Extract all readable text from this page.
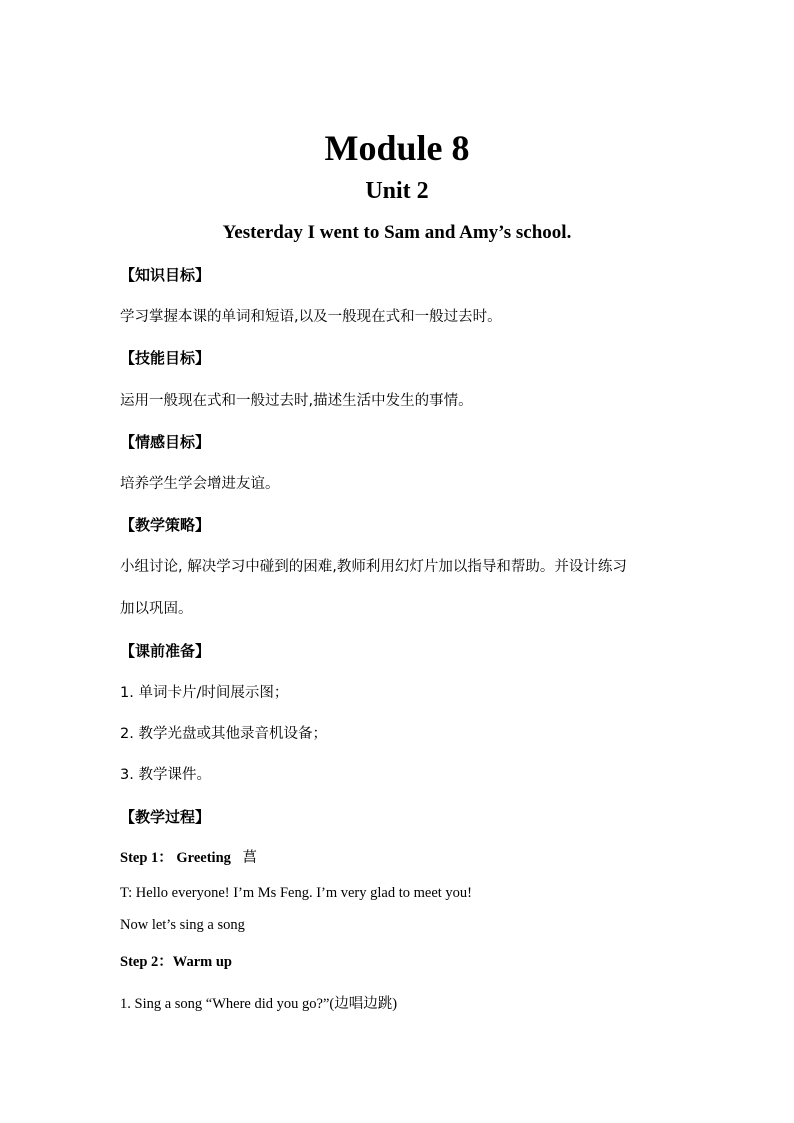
Module 8
Unit 2
Yesterday I went to Sam and Amy’s school.
【知识目标】
学习掌握本课的单词和短语,以及一般现在式和一般过去时。
【技能目标】
运用一般现在式和一般过去时,描述生活中发生的事情。
【情感目标】
培养学生学会增进友谊。
【教学策略】
小组讨论, 解决学习中碰到的困难,教师利用幻灯片加以指导和帮助。并设计练习
加以巩固。
【课前准备】
1. 单词卡片/时间展示图；
2. 教学光盘或其他录音机设备；
3. 教学课件。
【教学过程】
Step 1： Greeting 菖
T: Hello everyone! I’m Ms Feng. I’m very glad to meet you!
Now let’s sing a song
Step 2：Warm up
1. Sing a song “Where did you go?”(边唱边跳)
